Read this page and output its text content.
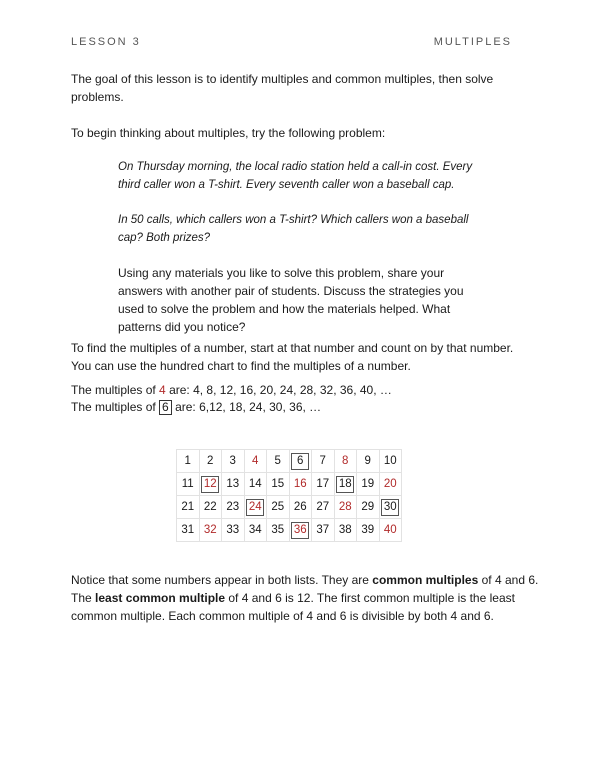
LESSON 3	MULTIPLES

The goal of this lesson is to identify multiples and common multiples, then solve problems.

To begin thinking about multiples, try the following problem:

On Thursday morning, the local radio station held a call-in cost. Every third caller won a T-shirt. Every seventh caller won a baseball cap.

In 50 calls, which callers won a T-shirt? Which callers won a baseball cap? Both prizes?

Using any materials you like to solve this problem, share your answers with another pair of students. Discuss the strategies you used to solve the problem and how the materials helped. What patterns did you notice?

To find the multiples of a number, start at that number and count on by that number. You can use the hundred chart to find the multiples of a number.

The multiples of 4 are: 4, 8, 12, 16, 20, 24, 28, 32, 36, 40, …

The multiples of 6 are: 6,12, 18, 24, 30, 36, …

1	2	3	4	5	6	7	8	9	10
11	12	13	14	15	16	17	18	19	20
21	22	23	24	25	26	27	28	29	30
31	32	33	34	35	36	37	38	39	40

Notice that some numbers appear in both lists. They are common multiples of 4 and 6. The least common multiple of 4 and 6 is 12. The first common multiple is the least common multiple. Each common multiple of 4 and 6 is divisible by both 4 and 6.
